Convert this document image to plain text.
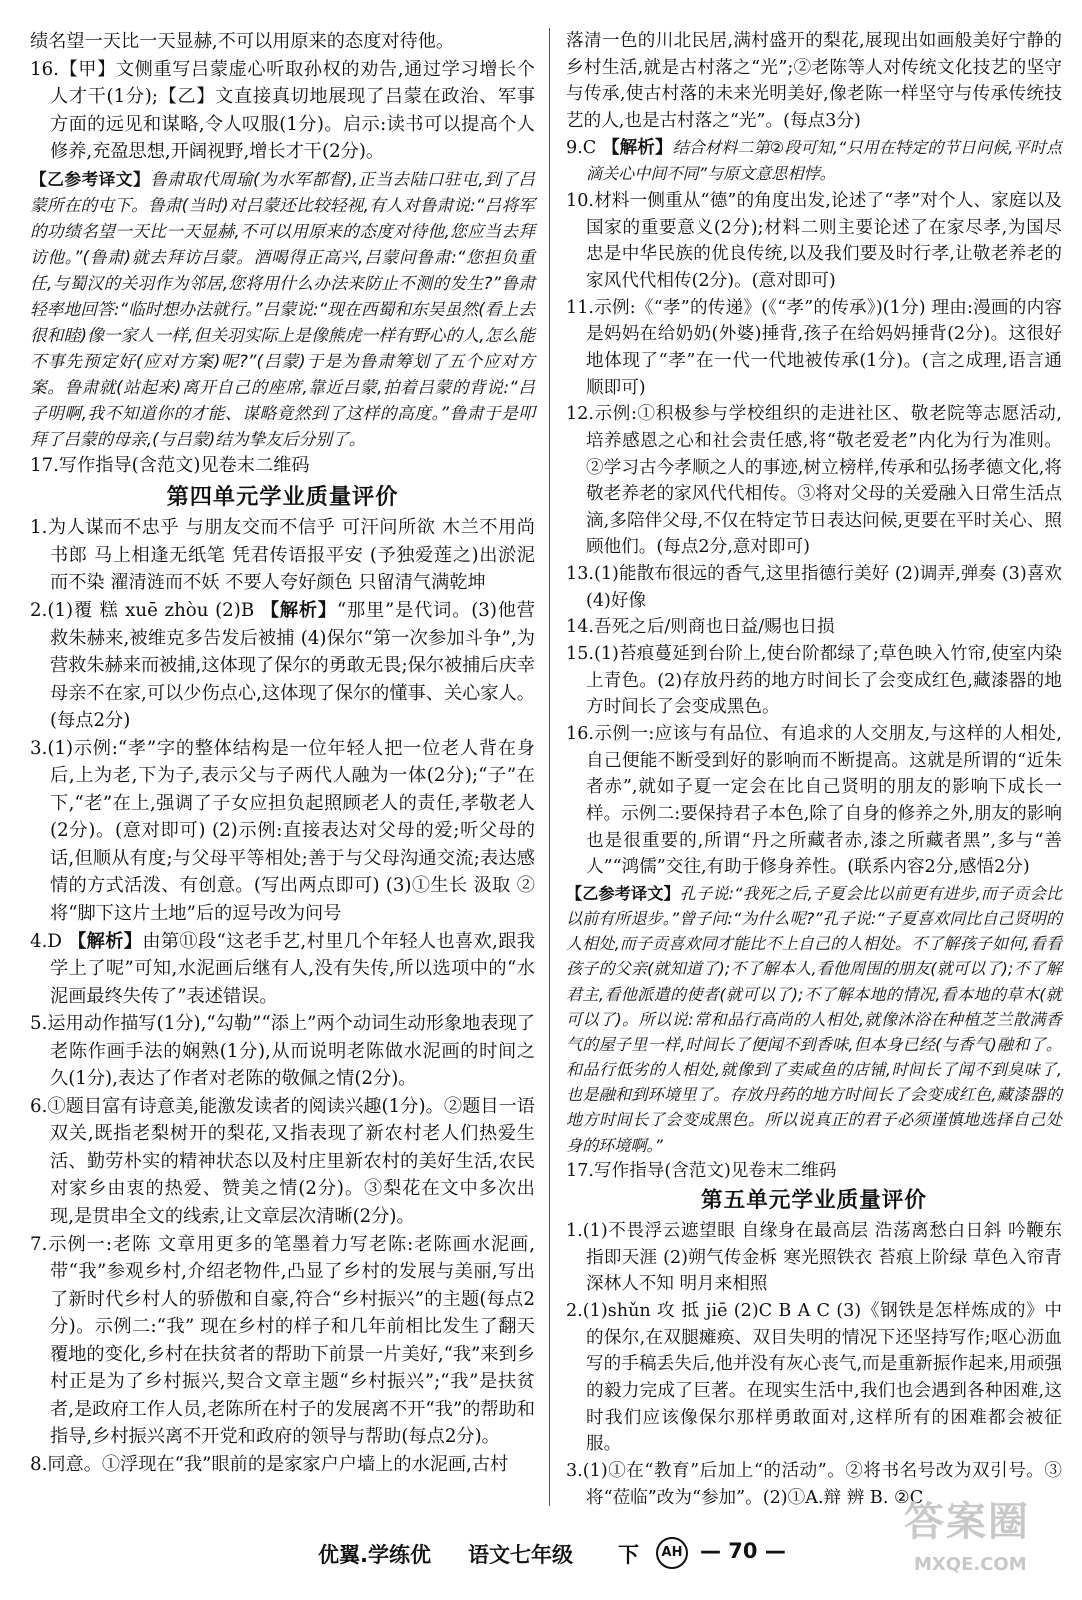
绩名望一天比一天显赫,不可以用原来的态度对待他。

16.【甲】文侧重写吕蒙虚心听取孙权的劝告,通过学习增长个人才干(1分);【乙】文直接真切地展现了吕蒙在政治、军事方面的远见和谋略,令人叹服(1分)。启示:读书可以提高个人修养,充盈思想,开阔视野,增长才干(2分)。

【乙参考译文】鲁肃取代周瑜(为水军都督),正当去陆口驻屯,到了吕蒙所在的屯下。鲁肃(当时)对吕蒙还比较轻视,有人对鲁肃说:“吕将军的功绩名望一天比一天显赫,不可以用原来的态度对待他,您应当去拜访他。”(鲁肃)就去拜访吕蒙。酒喝得正高兴,吕蒙问鲁肃:“您担负重任,与蜀汉的关羽作为邻居,您将用什么办法来防止不测的发生?”鲁肃轻率地回答:“临时想办法就行。”吕蒙说:“现在西蜀和东吴虽然(看上去很和睦)像一家人一样,但关羽实际上是像熊虎一样有野心的人,怎么能不事先预定好(应对方案)呢?”(吕蒙)于是为鲁肃筹划了五个应对方案。鲁肃就(站起来)离开自己的座席,靠近吕蒙,拍着吕蒙的背说:“吕子明啊,我不知道你的才能、谋略竟然到了这样的高度。”鲁肃于是叩拜了吕蒙的母亲,(与吕蒙)结为挚友后分别了。

17.写作指导(含范文)见卷末二维码

第四单元学业质量评价

1.为人谋而不忠乎 与朋友交而不信乎 可汗问所欲 木兰不用尚书郎 马上相逢无纸笔 凭君传语报平安 (予独爱莲之)出淤泥而不染 濯清涟而不妖 不要人夸好颜色 只留清气满乾坤

2.(1)覆 糕 xuē zhòu (2)B 【解析】“那里”是代词。(3)他营救朱赫来,被维克多告发后被捕 (4)保尔“第一次参加斗争”,为营救朱赫来而被捕,这体现了保尔的勇敢无畏;保尔被捕后庆幸母亲不在家,可以少伤点心,这体现了保尔的懂事、关心家人。(每点2分)

3.(1)示例:“孝”字的整体结构是一位年轻人把一位老人背在身后,上为老,下为子,表示父与子两代人融为一体(2分);“子”在下,“老”在上,强调了子女应担负起照顾老人的责任,孝敬老人(2分)。(意对即可) (2)示例:直接表达对父母的爱;听父母的话,但顺从有度;与父母平等相处;善于与父母沟通交流;表达感情的方式活泼、有创意。(写出两点即可) (3)①生长 汲取 ②将“脚下这片土地”后的逗号改为问号

4.D 【解析】由第⑪段“这老手艺,村里几个年轻人也喜欢,跟我学上了呢”可知,水泥画后继有人,没有失传,所以选项中的“水泥画最终失传了”表述错误。

5.运用动作描写(1分),“勾勒”“添上”两个动词生动形象地表现了老陈作画手法的娴熟(1分),从而说明老陈做水泥画的时间之久(1分),表达了作者对老陈的敬佩之情(2分)。

6.①题目富有诗意美,能激发读者的阅读兴趣(1分)。②题目一语双关,既指老梨树开的梨花,又指表现了新农村老人们热爱生活、勤劳朴实的精神状态以及村庄里新农村的美好生活,农民对家乡由衷的热爱、赞美之情(2分)。③梨花在文中多次出现,是贯串全文的线索,让文章层次清晰(2分)。

7.示例一:老陈 文章用更多的笔墨着力写老陈:老陈画水泥画,带“我”参观乡村,介绍老物件,凸显了乡村的发展与美丽,写出了新时代乡村人的骄傲和自豪,符合“乡村振兴”的主题(每点2分)。示例二:“我” 现在乡村的样子和几年前相比发生了翻天覆地的变化,乡村在扶贫者的帮助下前景一片美好,“我”来到乡村正是为了乡村振兴,契合文章主题“乡村振兴”;“我”是扶贫者,是政府工作人员,老陈所在村子的发展离不开“我”的帮助和指导,乡村振兴离不开党和政府的领导与帮助(每点2分)。

8.同意。①浮现在“我”眼前的是家家户户墙上的水泥画,古村

落清一色的川北民居,满村盛开的梨花,展现出如画般美好宁静的乡村生活,就是古村落之“光”;②老陈等人对传统文化技艺的坚守与传承,使古村落的未来光明美好,像老陈一样坚守与传承传统技艺的人,也是古村落之“光”。(每点3分)

9.C 【解析】结合材料二第②段可知,“只用在特定的节日问候,平时点滴关心中间不同”与原文意思相悖。

10.材料一侧重从“德”的角度出发,论述了“孝”对个人、家庭以及国家的重要意义(2分);材料二则主要论述了在家尽孝,为国尽忠是中华民族的优良传统,以及我们要及时行孝,让敬老养老的家风代代相传(2分)。(意对即可)

11.示例:《“孝”的传递》(《“孝”的传承》)(1分) 理由:漫画的内容是妈妈在给奶奶(外婆)捶背,孩子在给妈妈捶背(2分)。这很好地体现了“孝”在一代一代地被传承(1分)。(言之成理,语言通顺即可)

12.示例:①积极参与学校组织的走进社区、敬老院等志愿活动,培养感恩之心和社会责任感,将“敬老爱老”内化为行为准则。②学习古今孝顺之人的事迹,树立榜样,传承和弘扬孝德文化,将敬老养老的家风代代相传。③将对父母的关爱融入日常生活点滴,多陪伴父母,不仅在特定节日表达问候,更要在平时关心、照顾他们。(每点2分,意对即可)

13.(1)能散布很远的香气,这里指德行美好 (2)调弄,弹奏 (3)喜欢 (4)好像

14.吾死之后/则商也日益/赐也日损

15.(1)苔痕蔓延到台阶上,使台阶都绿了;草色映入竹帘,使室内染上青色。(2)存放丹药的地方时间长了会变成红色,藏漆器的地方时间长了会变成黑色。

16.示例一:应该与有品位、有追求的人交朋友,与这样的人相处,自己便能不断受到好的影响而不断提高。这就是所谓的“近朱者赤”,就如子夏一定会在比自己贤明的朋友的影响下成长一样。示例二:要保持君子本色,除了自身的修养之外,朋友的影响也是很重要的,所谓“丹之所藏者赤,漆之所藏者黑”,多与“善人”“鸿儒”交往,有助于修身养性。(联系内容2分,感悟2分)

【乙参考译文】孔子说:“我死之后,子夏会比以前更有进步,而子贡会比以前有所退步。”曾子问:“为什么呢?”孔子说:“子夏喜欢同比自己贤明的人相处,而子贡喜欢同才能比不上自己的人相处。不了解孩子如何,看看孩子的父亲(就知道了);不了解本人,看他周围的朋友(就可以了);不了解君主,看他派遣的使者(就可以了);不了解本地的情况,看本地的草木(就可以了)。所以说:常和品行高尚的人相处,就像沐浴在种植芝兰散满香气的屋子里一样,时间长了便闻不到香味,但本身已经(与香气)融和了。和品行低劣的人相处,就像到了卖咸鱼的店铺,时间长了闻不到臭味了,也是融和到环境里了。存放丹药的地方时间长了会变成红色,藏漆器的地方时间长了会变成黑色。所以说真正的君子必须谨慎地选择自己处身的环境啊。”

17.写作指导(含范文)见卷末二维码

第五单元学业质量评价

1.(1)不畏浮云遮望眼 自缘身在最高层 浩荡离愁白日斜 吟鞭东指即天涯 (2)朔气传金柝 寒光照铁衣 苔痕上阶绿 草色入帘青 深林人不知 明月来相照

2.(1)shǔn 攻 抵 jiē (2)C B A C (3)《钢铁是怎样炼成的》中的保尔,在双腿瘫痪、双目失明的情况下还坚持写作;呕心沥血写的手稿丢失后,他并没有灰心丧气,而是重新振作起来,用顽强的毅力完成了巨著。在现实生活中,我们也会遇到各种困难,这时我们应该像保尔那样勇敢面对,这样所有的困难都会被征服。

3.(1)①在“教育”后加上“的活动”。②将书名号改为双引号。③将“莅临”改为“参加”。(2)①A.辩 辨 B. ②C

优翼.学练优 语文七年级 下	AH — 70 —
答案圈
MXQE.COM
